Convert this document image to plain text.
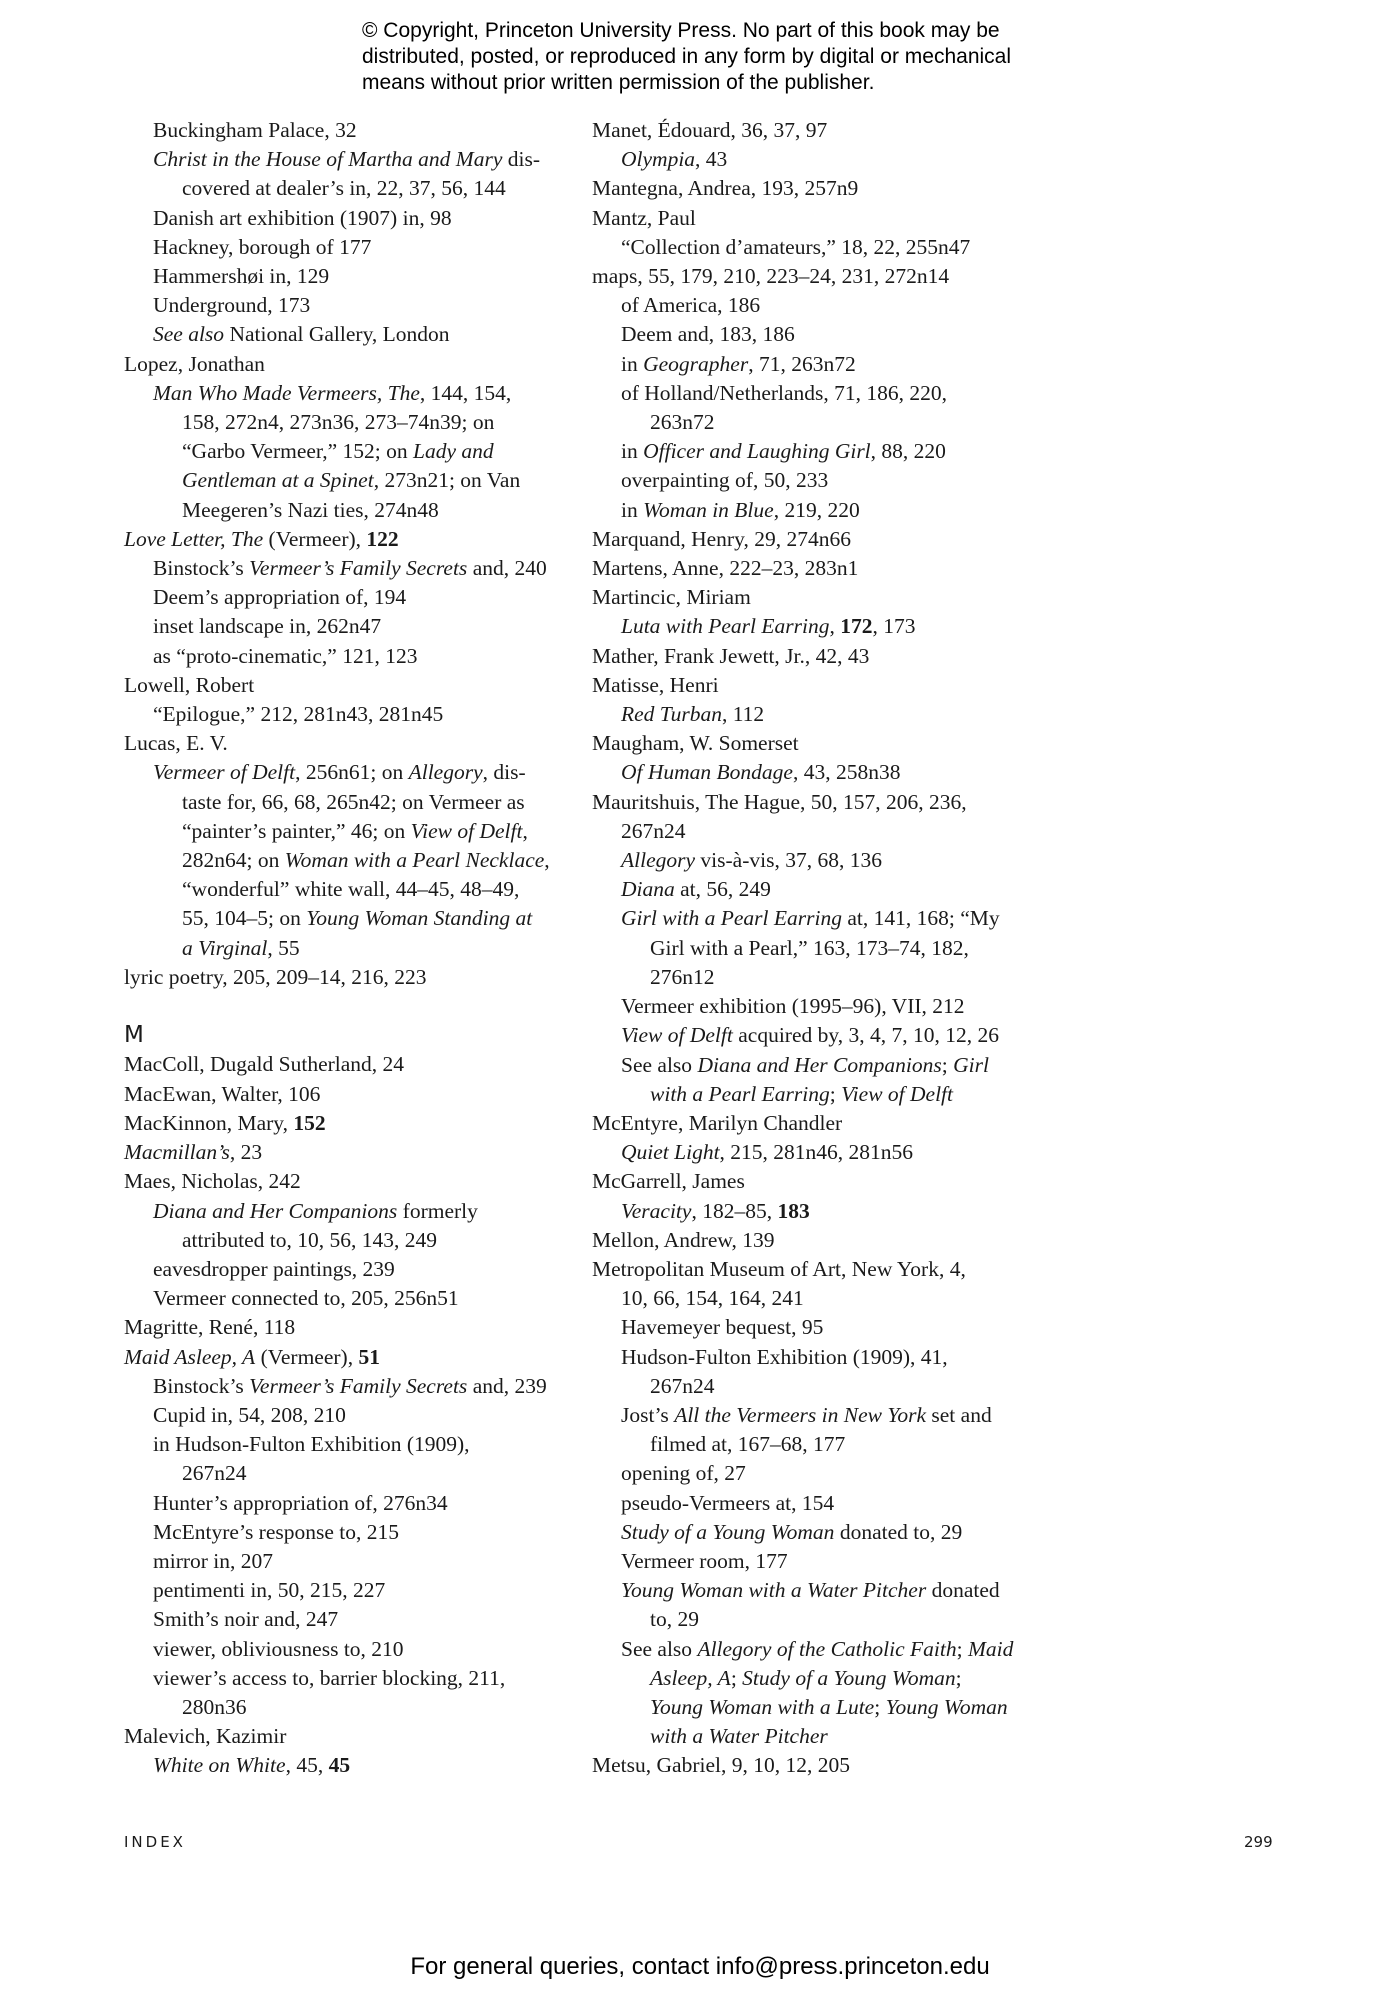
© Copyright, Princeton University Press. No part of this book may be
distributed, posted, or reproduced in any form by digital or mechanical
means without prior written permission of the publisher.
Buckingham Palace, 32
Christ in the House of Martha and Mary dis-
covered at dealer’s in, 22, 37, 56, 144
Danish art exhibition (1907) in, 98
Hackney, borough of 177
Hammershøi in, 129
Underground, 173
See also National Gallery, London
Lopez, Jonathan
Man Who Made Vermeers, The, 144, 154,
158, 272n4, 273n36, 273–74n39; on
“Garbo Vermeer,” 152; on Lady and
Gentleman at a Spinet, 273n21; on Van
Meegeren’s Nazi ties, 274n48
Love Letter, The (Vermeer), 122
Binstock’s Vermeer’s Family Secrets and, 240
Deem’s appropriation of, 194
inset landscape in, 262n47
as “proto-cinematic,” 121, 123
Lowell, Robert
“Epilogue,” 212, 281n43, 281n45
Lucas, E. V.
Vermeer of Delft, 256n61; on Allegory, dis-
taste for, 66, 68, 265n42; on Vermeer as
“painter’s painter,” 46; on View of Delft,
282n64; on Woman with a Pearl Necklace,
“wonderful” white wall, 44–45, 48–49,
55, 104–5; on Young Woman Standing at
a Virginal, 55
lyric poetry, 205, 209–14, 216, 223
M
MacColl, Dugald Sutherland, 24
MacEwan, Walter, 106
MacKinnon, Mary, 152
Macmillan’s, 23
Maes, Nicholas, 242
Diana and Her Companions formerly
attributed to, 10, 56, 143, 249
eavesdropper paintings, 239
Vermeer connected to, 205, 256n51
Magritte, René, 118
Maid Asleep, A (Vermeer), 51
Binstock’s Vermeer’s Family Secrets and, 239
Cupid in, 54, 208, 210
in Hudson-Fulton Exhibition (1909),
267n24
Hunter’s appropriation of, 276n34
McEntyre’s response to, 215
mirror in, 207
pentimenti in, 50, 215, 227
Smith’s noir and, 247
viewer, obliviousness to, 210
viewer’s access to, barrier blocking, 211,
280n36
Malevich, Kazimir
White on White, 45, 45
Manet, Édouard, 36, 37, 97
Olympia, 43
Mantegna, Andrea, 193, 257n9
Mantz, Paul
“Collection d’amateurs,” 18, 22, 255n47
maps, 55, 179, 210, 223–24, 231, 272n14
of America, 186
Deem and, 183, 186
in Geographer, 71, 263n72
of Holland/Netherlands, 71, 186, 220,
263n72
in Officer and Laughing Girl, 88, 220
overpainting of, 50, 233
in Woman in Blue, 219, 220
Marquand, Henry, 29, 274n66
Martens, Anne, 222–23, 283n1
Martincic, Miriam
Luta with Pearl Earring, 172, 173
Mather, Frank Jewett, Jr., 42, 43
Matisse, Henri
Red Turban, 112
Maugham, W. Somerset
Of Human Bondage, 43, 258n38
Mauritshuis, The Hague, 50, 157, 206, 236,
267n24
Allegory vis-à-vis, 37, 68, 136
Diana at, 56, 249
Girl with a Pearl Earring at, 141, 168; “My
Girl with a Pearl,” 163, 173–74, 182,
276n12
Vermeer exhibition (1995–96), VII, 212
View of Delft acquired by, 3, 4, 7, 10, 12, 26
See also Diana and Her Companions; Girl
with a Pearl Earring; View of Delft
McEntyre, Marilyn Chandler
Quiet Light, 215, 281n46, 281n56
McGarrell, James
Veracity, 182–85, 183
Mellon, Andrew, 139
Metropolitan Museum of Art, New York, 4,
10, 66, 154, 164, 241
Havemeyer bequest, 95
Hudson-Fulton Exhibition (1909), 41,
267n24
Jost’s All the Vermeers in New York set and
filmed at, 167–68, 177
opening of, 27
pseudo-Vermeers at, 154
Study of a Young Woman donated to, 29
Vermeer room, 177
Young Woman with a Water Pitcher donated
to, 29
See also Allegory of the Catholic Faith; Maid
Asleep, A; Study of a Young Woman;
Young Woman with a Lute; Young Woman
with a Water Pitcher
Metsu, Gabriel, 9, 10, 12, 205
INDEX	299
For general queries, contact info@press.princeton.edu
